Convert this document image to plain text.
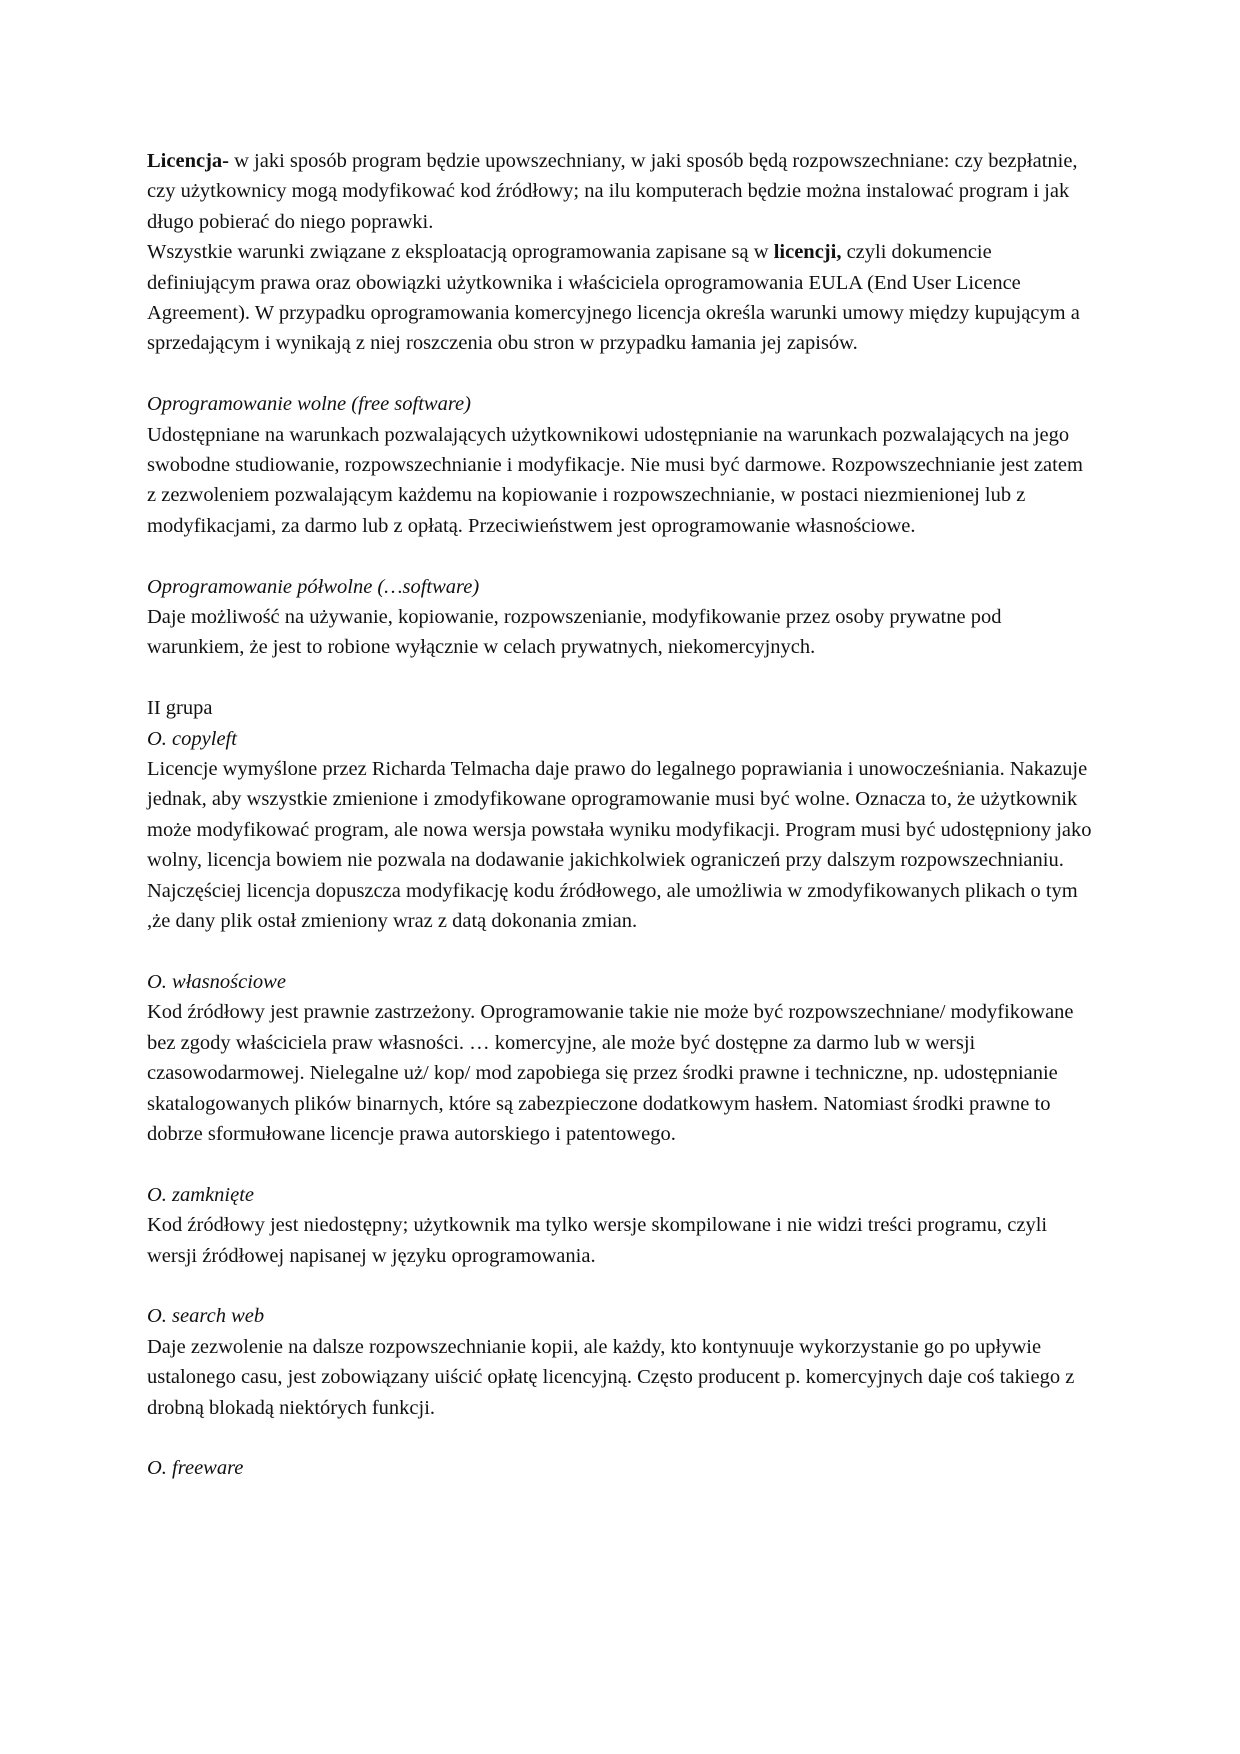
Licencja- w jaki sposób program będzie upowszechniany, w jaki sposób będą rozpowszechniane: czy bezpłatnie, czy użytkownicy mogą modyfikować kod źródłowy; na ilu komputerach będzie można instalować program i jak długo pobierać do niego poprawki.

Wszystkie warunki związane z eksploatacją oprogramowania zapisane są w licencji, czyli dokumencie definiującym prawa oraz obowiązki użytkownika i właściciela oprogramowania EULA (End User Licence Agreement). W przypadku oprogramowania komercyjnego licencja określa warunki umowy między kupującym a sprzedającym i wynikają z niej roszczenia obu stron w przypadku łamania jej zapisów.

Oprogramowanie wolne (free software)

Udostępniane na warunkach pozwalających użytkownikowi udostępnianie na warunkach pozwalających na jego swobodne studiowanie, rozpowszechnianie i modyfikacje. Nie musi być darmowe. Rozpowszechnianie jest zatem z zezwoleniem pozwalającym każdemu na kopiowanie i rozpowszechnianie, w postaci niezmienionej lub z modyfikacjami, za darmo lub z opłatą. Przeciwieństwem jest oprogramowanie własnościowe.

Oprogramowanie półwolne (…software)

Daje możliwość na używanie, kopiowanie, rozpowszenianie, modyfikowanie przez osoby prywatne pod warunkiem, że jest to robione wyłącznie w celach prywatnych, niekomercyjnych.

II grupa

O. copyleft

Licencje wymyślone przez Richarda Telmacha daje prawo do legalnego poprawiania i unowocześniania. Nakazuje jednak, aby wszystkie zmienione i zmodyfikowane oprogramowanie musi być wolne. Oznacza to, że użytkownik może modyfikować program, ale nowa wersja powstała wyniku modyfikacji. Program musi być udostępniony jako wolny, licencja bowiem nie pozwala na dodawanie jakichkolwiek ograniczeń przy dalszym rozpowszechnianiu. Najczęściej licencja dopuszcza modyfikację kodu źródłowego, ale umożliwia w zmodyfikowanych plikach o tym ,że dany plik ostał zmieniony wraz z datą dokonania zmian.

O. własnościowe

Kod źródłowy jest prawnie zastrzeżony. Oprogramowanie takie nie może być rozpowszechniane/ modyfikowane bez zgody właściciela praw własności. … komercyjne, ale może być dostępne za darmo lub w wersji czasowodarmowej. Nielegalne uż/ kop/ mod zapobiega się przez środki prawne i techniczne, np. udostępnianie skatalogowanych plików binarnych, które są zabezpieczone dodatkowym hasłem. Natomiast środki prawne to dobrze sformułowane licencje prawa autorskiego i patentowego.

O. zamknięte

Kod źródłowy jest niedostępny; użytkownik ma tylko wersje skompilowane i nie widzi treści programu, czyli wersji źródłowej napisanej w języku oprogramowania.

O. search web

Daje zezwolenie na dalsze rozpowszechnianie kopii, ale każdy, kto kontynuuje wykorzystanie go po upływie ustalonego casu, jest zobowiązany uiścić opłatę licencyjną. Często producent p. komercyjnych daje coś takiego z drobną blokadą niektórych funkcji.

O. freeware
